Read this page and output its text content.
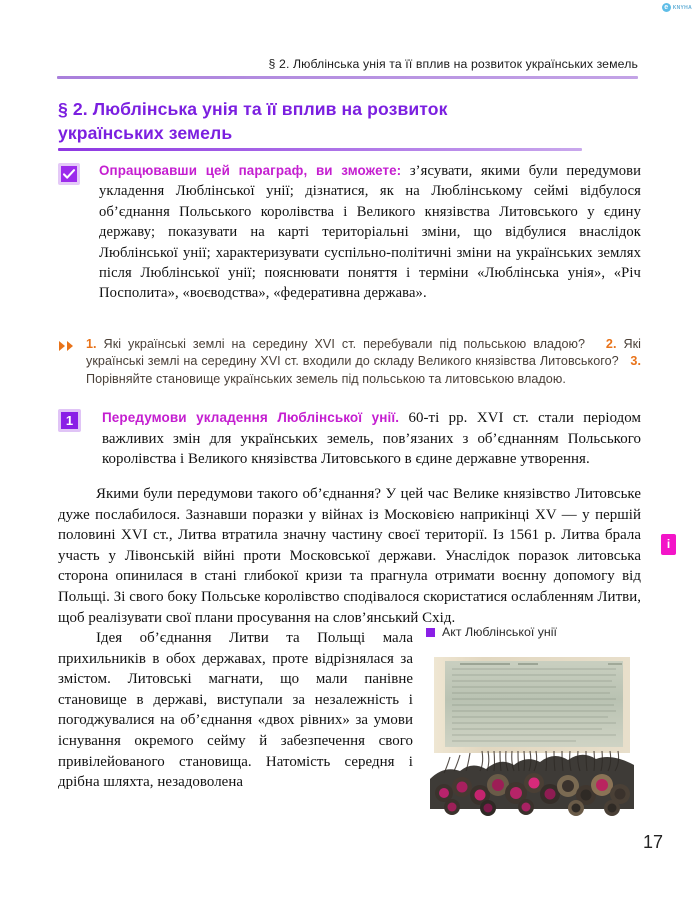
e KNYHA
§ 2. Люблінська унія та її вплив на розвиток українських земель
§ 2. Люблінська унія та її вплив на розвиток
українських земель
Опрацювавши цей параграф, ви зможете: з’ясувати, якими були передумови укладення Люблінської унії; дізнатися, як на Люблінському сеймі відбулося об’єднання Польського королівства і Великого князівства Литовського у єдину державу; показувати на карті територіальні зміни, що відбулися внаслідок Люблінської унії; характеризувати суспільно-політичні зміни на українських землях після Люблінської унії; пояснювати поняття і терміни «Люблінська унія», «Річ Посполита», «воєводства», «федеративна держава».
1. Які українські землі на середину XVI ст. перебували під польською владою? 2. Які українські землі на середину XVI ст. входили до складу Великого князівства Литовського? 3. Порівняйте становище українських земель під польською та литовською владою.
1	Передумови укладення Люблінської унії. 60-ті рр. XVI ст. стали періодом важливих змін для українських земель, пов’язаних з об’єднанням Польського королівства і Великого князівства Литовського в єдине державне утворення.

Якими були передумови такого об’єднання? У цей час Велике князівство Литовське дуже послабилося. Зазнавши поразки у війнах із Московією наприкінці XV — у першій половині XVI ст., Литва втратила значну частину своєї території. Із 1561 р. Литва брала участь у Лівонській війні проти Московської держави. Унаслідок поразок литовська сторона опинилася в стані глибокої кризи та прагнула отримати воєнну допомогу від Польщі. Зі свого боку Польське королівство сподівалося скористатися ослабленням Литви, щоб реалізувати свої плани просування на слов’янський Схід.

i

Ідея об’єднання Литви та Польщі мала прихильників в обох державах, проте відрізнялася за змістом. Литовські магнати, що мали панівне становище в державі, виступали за незалежність і погоджувалися на об’єднання «двох рівних» за умови існування окремого сейму й забезпечення свого привілейованого становища. Натомість середня і дрібна шляхта, незадоволена

Акт Люблінської унії
17
